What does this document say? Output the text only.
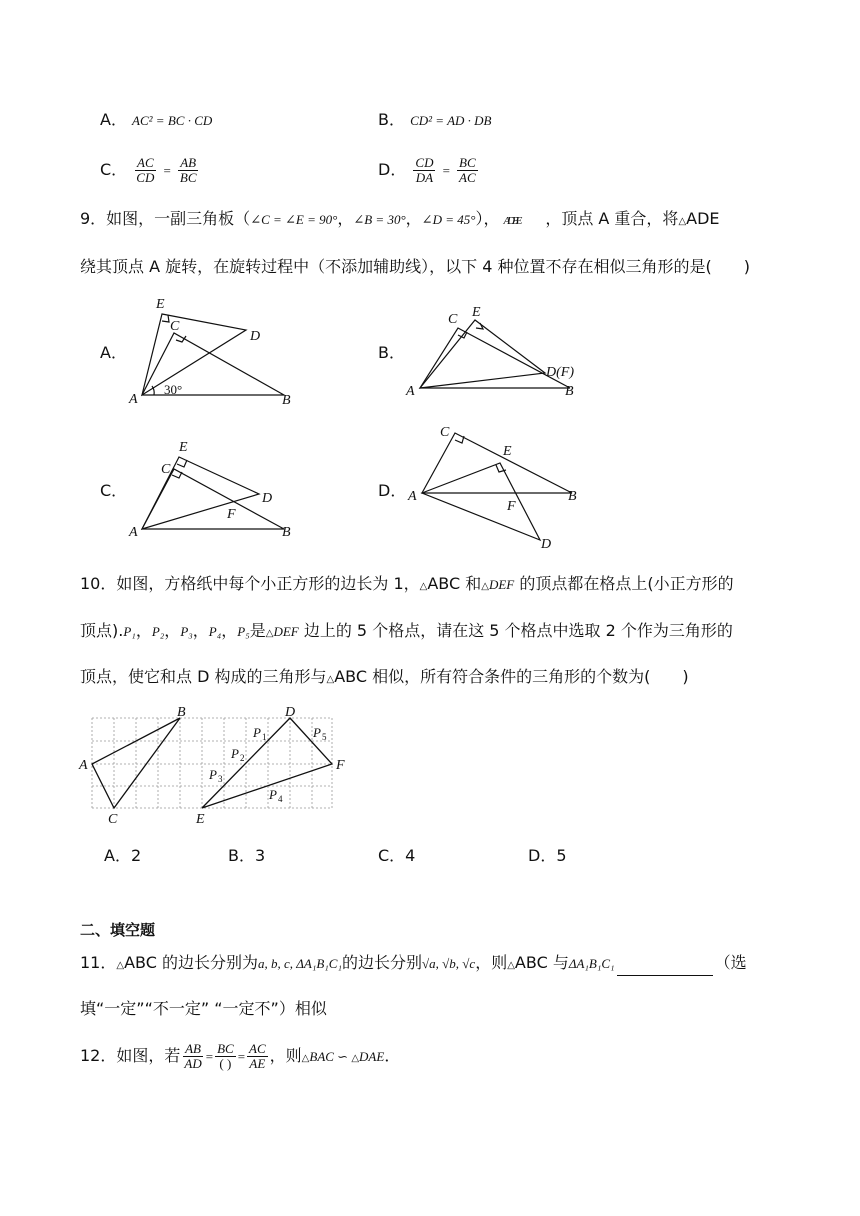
A． AC² = BC · CD	B． CD² = AD · DB
C． $\frac{AC}{CD} = \frac{AB}{BC}$	D． $\frac{CD}{DA} = \frac{BC}{AC}$
9．如图，一副三角板（∠C = ∠E = 90°，∠B = 30°，∠D = 45°）， AD BE ，顶点 A 重合，将△ADE
绕其顶点 A 旋转，在旋转过程中（不添加辅助线），以下 4 种位置不存在相似三角形的是(　　)
A．	B．
C．	D．
A	B
C
D
E
30°	A	B
C
D(F)
E
A	B
C
D
E
F
A	B
C
D
E
F
10．如图，方格纸中每个小正方形的边长为 1，△ABC 和△DEF 的顶点都在格点上(小正方形的
顶点).P₁，P₂，P₃，P₄，P₅是△DEF 边上的 5 个格点，请在这 5 个格点中选取 2 个作为三角形的
顶点，使它和点 D 构成的三角形与△ABC 相似，所有符合条件的三角形的个数为(　　)
A
B
C
D
E
F
P 1
P 2
P 3
P 4
P 5
A．2	B．3	C．4	D．5
二、填空题
11．△ABC 的边长分别为a, b, c, ΔA₁B₁C₁的边长分别√a, √b, √c，则△ABC 与ΔA₁B₁C₁	（选
填“一定”“不一定” “一定不”）相似
12．如图，若 $\frac{AB}{AD} = \frac{BC}{( )} = \frac{AC}{AE}$ ，则△BAC ∽ △DAE．
